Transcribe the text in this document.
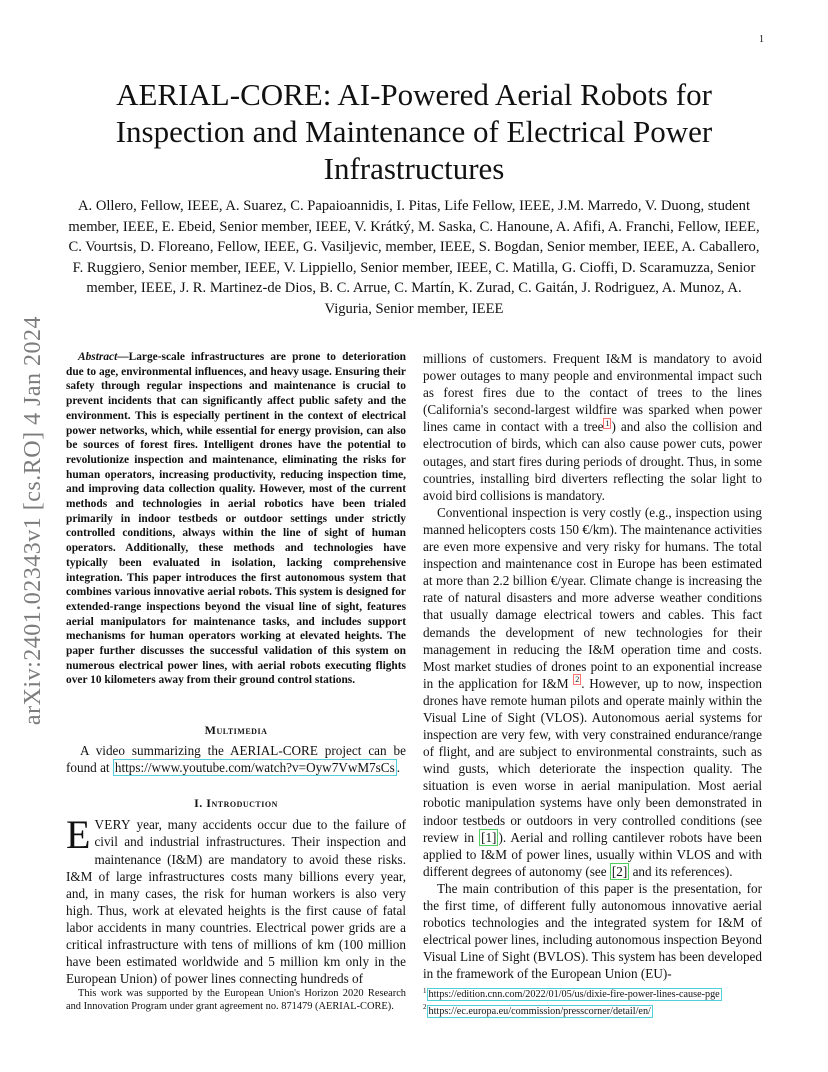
1
arXiv:2401.02343v1 [cs.RO] 4 Jan 2024
AERIAL-CORE: AI-Powered Aerial Robots for Inspection and Maintenance of Electrical Power Infrastructures

A. Ollero, Fellow, IEEE, A. Suarez, C. Papaioannidis, I. Pitas, Life Fellow, IEEE, J.M. Marredo, V. Duong, student member, IEEE, E. Ebeid, Senior member, IEEE, V. Krátký, M. Saska, C. Hanoune, A. Afifi, A. Franchi, Fellow, IEEE, C. Vourtsis, D. Floreano, Fellow, IEEE, G. Vasiljevic, member, IEEE, S. Bogdan, Senior member, IEEE, A. Caballero, F. Ruggiero, Senior member, IEEE, V. Lippiello, Senior member, IEEE, C. Matilla, G. Cioffi, D. Scaramuzza, Senior member, IEEE, J. R. Martinez-de Dios, B. C. Arrue, C. Martín, K. Zurad, C. Gaitán, J. Rodriguez, A. Munoz, A. Viguria, Senior member, IEEE

Abstract—Large-scale infrastructures are prone to deterioration due to age, environmental influences, and heavy usage. Ensuring their safety through regular inspections and maintenance is crucial to prevent incidents that can significantly affect public safety and the environment. This is especially pertinent in the context of electrical power networks, which, while essential for energy provision, can also be sources of forest fires. Intelligent drones have the potential to revolutionize inspection and maintenance, eliminating the risks for human operators, increasing productivity, reducing inspection time, and improving data collection quality. However, most of the current methods and technologies in aerial robotics have been trialed primarily in indoor testbeds or outdoor settings under strictly controlled conditions, always within the line of sight of human operators. Additionally, these methods and technologies have typically been evaluated in isolation, lacking comprehensive integration. This paper introduces the first autonomous system that combines various innovative aerial robots. This system is designed for extended-range inspections beyond the visual line of sight, features aerial manipulators for maintenance tasks, and includes support mechanisms for human operators working at elevated heights. The paper further discusses the successful validation of this system on numerous electrical power lines, with aerial robots executing flights over 10 kilometers away from their ground control stations.

Multimedia

A video summarizing the AERIAL-CORE project can be found at https://www.youtube.com/watch?v=Oyw7VwM7sCs .

I. Introduction

EVERY year, many accidents occur due to the failure of civil and industrial infrastructures. Their inspection and maintenance (I&M) are mandatory to avoid these risks. I&M of large infrastructures costs many billions every year, and, in many cases, the risk for human workers is also very high. Thus, work at elevated heights is the first cause of fatal labor accidents in many countries. Electrical power grids are a critical infrastructure with tens of millions of km (100 million have been estimated worldwide and 5 million km only in the European Union) of power lines connecting hundreds of

millions of customers. Frequent I&M is mandatory to avoid power outages to many people and environmental impact such as forest fires due to the contact of trees to the lines (California's second-largest wildfire was sparked when power lines came in contact with a tree $^1$ ) and also the collision and electrocution of birds, which can also cause power cuts, power outages, and start fires during periods of drought. Thus, in some countries, installing bird diverters reflecting the solar light to avoid bird collisions is mandatory.

Conventional inspection is very costly (e.g., inspection using manned helicopters costs 150 €/km). The maintenance activities are even more expensive and very risky for humans. The total inspection and maintenance cost in Europe has been estimated at more than 2.2 billion €/year. Climate change is increasing the rate of natural disasters and more adverse weather conditions that usually damage electrical towers and cables. This fact demands the development of new technologies for their management in reducing the I&M operation time and costs. Most market studies of drones point to an exponential increase in the application for I&M $^2$ . However, up to now, inspection drones have remote human pilots and operate mainly within the Visual Line of Sight (VLOS). Autonomous aerial systems for inspection are very few, with very constrained endurance/range of flight, and are subject to environmental constraints, such as wind gusts, which deteriorate the inspection quality. The situation is even worse in aerial manipulation. Most aerial robotic manipulation systems have only been demonstrated in indoor testbeds or outdoors in very controlled conditions (see review in [1] ). Aerial and rolling cantilever robots have been applied to I&M of power lines, usually within VLOS and with different degrees of autonomy (see [2] and its references).

The main contribution of this paper is the presentation, for the first time, of different fully autonomous innovative aerial robotics technologies and the integrated system for I&M of electrical power lines, including autonomous inspection Beyond Visual Line of Sight (BVLOS). This system has been developed in the framework of the European Union (EU)-

This work was supported by the European Union's Horizon 2020 Research and Innovation Program under grant agreement no. 871479 (AERIAL-CORE).

$^1$ https://edition.cnn.com/2022/01/05/us/dixie-fire-power-lines-cause-pge

$^2$ https://ec.europa.eu/commission/presscorner/detail/en/
